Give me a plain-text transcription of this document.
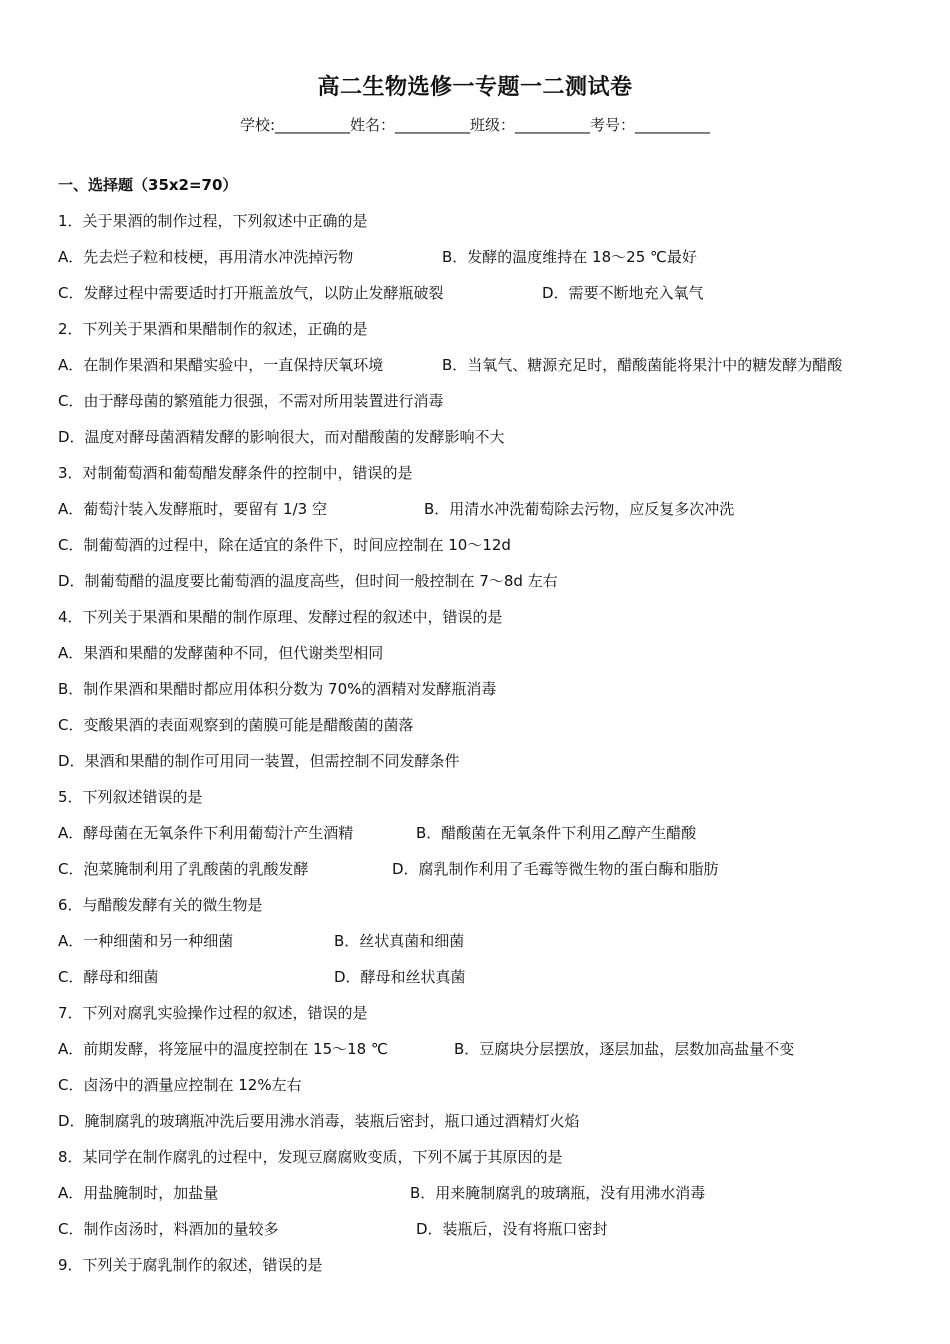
高二生物选修一专题一二测试卷
学校:__________姓名：__________班级：__________考号：__________
一、选择题（35x2=70）
1．关于果酒的制作过程，下列叙述中正确的是
A．先去烂子粒和枝梗，再用清水冲洗掉污物	B．发酵的温度维持在 18～25 ℃最好
C．发酵过程中需要适时打开瓶盖放气，以防止发酵瓶破裂	D．需要不断地充入氧气
2．下列关于果酒和果醋制作的叙述，正确的是
A．在制作果酒和果醋实验中，一直保持厌氧环境	B．当氧气、糖源充足时，醋酸菌能将果汁中的糖发酵为醋酸
C．由于酵母菌的繁殖能力很强，不需对所用装置进行消毒
D．温度对酵母菌酒精发酵的影响很大，而对醋酸菌的发酵影响不大
3．对制葡萄酒和葡萄醋发酵条件的控制中，错误的是
A．葡萄汁装入发酵瓶时，要留有 1/3 空	B．用清水冲洗葡萄除去污物，应反复多次冲洗
C．制葡萄酒的过程中，除在适宜的条件下，时间应控制在 10～12d
D．制葡萄醋的温度要比葡萄酒的温度高些，但时间一般控制在 7～8d 左右
4．下列关于果酒和果醋的制作原理、发酵过程的叙述中，错误的是
A．果酒和果醋的发酵菌种不同，但代谢类型相同
B．制作果酒和果醋时都应用体积分数为 70%的酒精对发酵瓶消毒
C．变酸果酒的表面观察到的菌膜可能是醋酸菌的菌落
D．果酒和果醋的制作可用同一装置，但需控制不同发酵条件
5．下列叙述错误的是
A．酵母菌在无氧条件下利用葡萄汁产生酒精	B．醋酸菌在无氧条件下利用乙醇产生醋酸
C．泡菜腌制利用了乳酸菌的乳酸发酵	D．腐乳制作利用了毛霉等微生物的蛋白酶和脂肪
6．与醋酸发酵有关的微生物是
A．一种细菌和另一种细菌	B．丝状真菌和细菌
C．酵母和细菌	D．酵母和丝状真菌
7．下列对腐乳实验操作过程的叙述，错误的是
A．前期发酵，将笼屉中的温度控制在 15～18 ℃	B．豆腐块分层摆放，逐层加盐，层数加高盐量不变
C．卤汤中的酒量应控制在 12%左右
D．腌制腐乳的玻璃瓶冲洗后要用沸水消毒，装瓶后密封，瓶口通过酒精灯火焰
8．某同学在制作腐乳的过程中，发现豆腐腐败变质，下列不属于其原因的是
A．用盐腌制时，加盐量	B．用来腌制腐乳的玻璃瓶，没有用沸水消毒
C．制作卤汤时，料酒加的量较多	D．装瓶后，没有将瓶口密封
9．下列关于腐乳制作的叙述，错误的是
